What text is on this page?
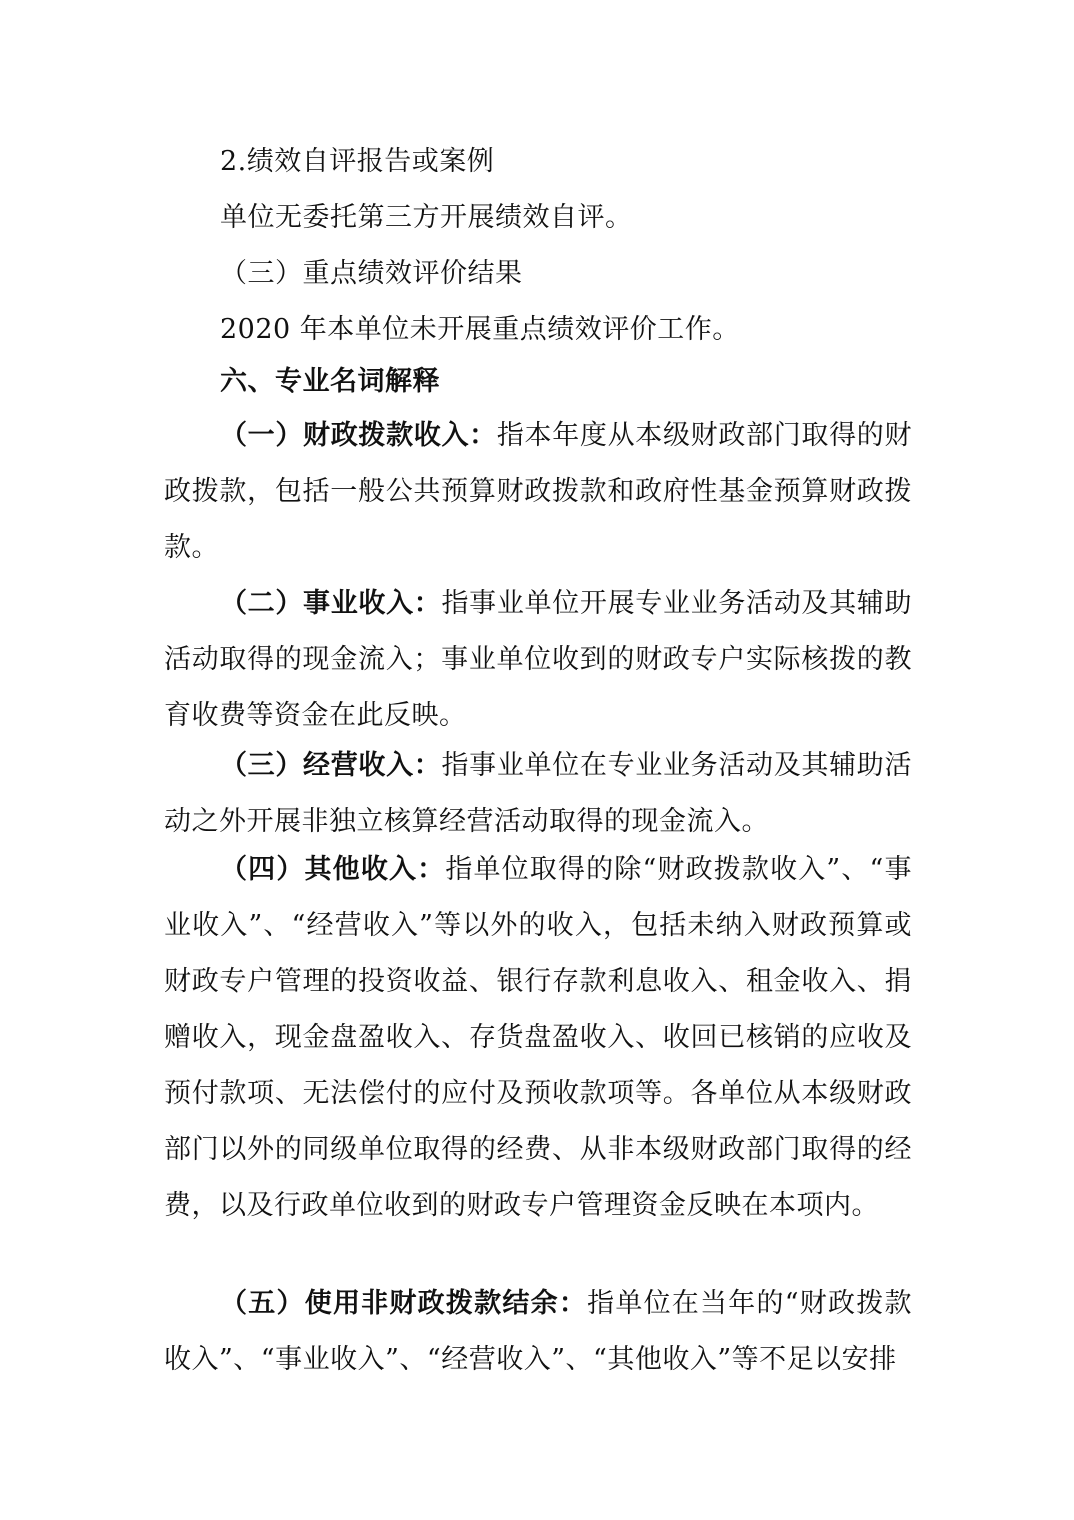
2.绩效自评报告或案例

单位无委托第三方开展绩效自评。

（三）重点绩效评价结果

2020 年本单位未开展重点绩效评价工作。

六、专业名词解释

（一）财政拨款收入：指本年度从本级财政部门取得的财政拨款，包括一般公共预算财政拨款和政府性基金预算财政拨款。

（二）事业收入：指事业单位开展专业业务活动及其辅助活动取得的现金流入；事业单位收到的财政专户实际核拨的教育收费等资金在此反映。

（三）经营收入：指事业单位在专业业务活动及其辅助活动之外开展非独立核算经营活动取得的现金流入。

（四）其他收入：指单位取得的除“财政拨款收入”、“事业收入”、“经营收入”等以外的收入，包括未纳入财政预算或财政专户管理的投资收益、银行存款利息收入、租金收入、捐赠收入，现金盘盈收入、存货盘盈收入、收回已核销的应收及预付款项、无法偿付的应付及预收款项等。各单位从本级财政部门以外的同级单位取得的经费、从非本级财政部门取得的经费，以及行政单位收到的财政专户管理资金反映在本项内。

（五）使用非财政拨款结余：指单位在当年的“财政拨款收入”、“事业收入”、“经营收入”、“其他收入”等不足以安排
